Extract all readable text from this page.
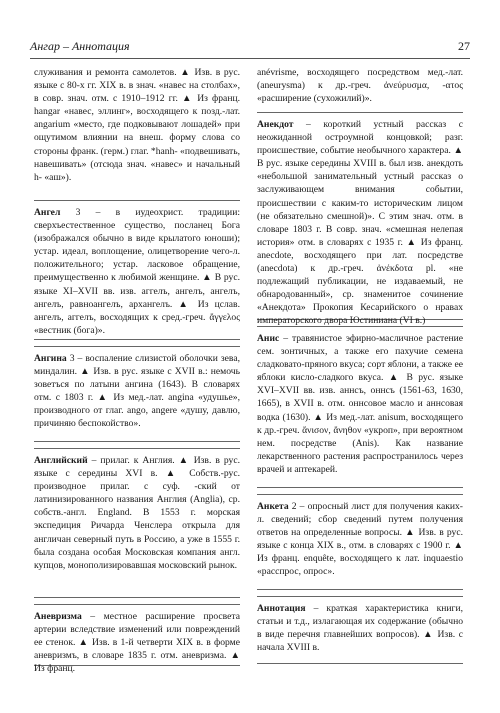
Ангар – Аннотация	27

служивания и ремонта самолетов. ▲ Изв. в рус. языке с 80-х гг. XIX в. в знач. «навес на столбах», в совр. знач. отм. с 1910–1912 гг. ▲ Из франц. hangar «навес, эллинг», восходящего к позд.-лат. angarium «место, где подковывают лошадей» при ощутимом влиянии на внеш. форму слова со стороны франк. (герм.) глаг. *hanh- «подвешивать, навешивать» (отсюда знач. «навес» и начальный h- «аш»).

Ангел 3 – в иудеохрист. традиции: сверхъестественное существо, посланец Бога (изображался обычно в виде крылатого юноши); устар. идеал, воплощение, олицетворение чего-л. положительного; устар. ласковое обращение, преимущественно к любимой женщине. ▲ В рус. языке XI–XVII вв. изв. аггелъ, ангелъ, ангелъ, ангелъ, равноангелъ, архангелъ. ▲ Из цслав. ангелъ, аггелъ, восходящих к сред.-греч. ἄγγελος «вестник (бога)».

Ангина 3 – воспаление слизистой оболочки зева, миндалин. ▲ Изв. в рус. языке с XVII в.: немочь зоветъся по латыни ангина (1643). В словарях отм. с 1803 г. ▲ Из мед.-лат. angina «удушье», производного от глаг. ango, angere «душу, давлю, причиняю беспокойство».

Английский – прилаг. к Англия. ▲ Изв. в рус. языке с середины XVI в. ▲ Собств.-рус. производное прилаг. с суф. -ский от латинизированного названия Англия (Anglia), ср. собств.-англ. England. В 1553 г. морская экспедиция Ричарда Ченслера открыла для англичан северный путь в Россию, а уже в 1555 г. была создана особая Московская компания англ. купцов, монополизировавшая московский рынок.

Аневризма – местное расширение просвета артерии вследствие изменений или повреждений ее стенок. ▲ Изв. в 1-й четверти XIX в. в форме аневризмъ, в словаре 1835 г. отм. аневризма. ▲ Из франц.

anévrisme, восходящего посредством мед.-лат. (aneurysma) к др.-греч. ἀνεύρυσμα, -ατος «расширение (сухожилий)».

Анекдот – короткий устный рассказ с неожиданной остроумной концовкой; разг. происшествие, событие необычного характера. ▲ В рус. языке середины XVIII в. был изв. анекдоть «небольшой занимательный устный рассказ о заслуживающем внимания событии, происшествии с каким-то историческим лицом (не обязательно смешной)». С этим знач. отм. в словаре 1803 г. В совр. знач. «смешная нелепая история» отм. в словарях с 1935 г. ▲ Из франц. anecdote, восходящего при лат. посредстве (anecdota) к др.-греч. ἀνέκδοτα pl. «не подлежащий публикации, не издаваемый, не обнародованный», ср. знаменитое сочинение «Анекдота» Прокопия Кесарийского о нравах императорского двора Юстиниана (VI в.)

Анис – травянистое эфирно-масличное растение сем. зонтичных, а также его пахучие семена сладковато-пряного вкуса; сорт яблони, а также ее яблоки кисло-сладкого вкуса. ▲ В рус. языке XVI–XVII вв. изв. аннсъ, оннсъ (1561-63, 1630, 1665), в XVII в. отм. оннсовое масло и аннсовая водка (1630). ▲ Из мед.-лат. anisum, восходящего к др.-греч. ἄνισον, ἄνηθον «укроп», при вероятном нем. посредстве (Anis). Как название лекарственного растения распространилось через врачей и аптекарей.

Анкета 2 – опросный лист для получения каких-л. сведений; сбор сведений путем получения ответов на определенные вопросы. ▲ Изв. в рус. языке с конца XIX в., отм. в словарях с 1900 г. ▲ Из франц. enquête, восходящего к лат. inquaestio «расспрос, опрос».

Аннотация – краткая характеристика книги, статьи и т.д., излагающая их содержание (обычно в виде перечня главнейших вопросов). ▲ Изв. с начала XVIII в.
